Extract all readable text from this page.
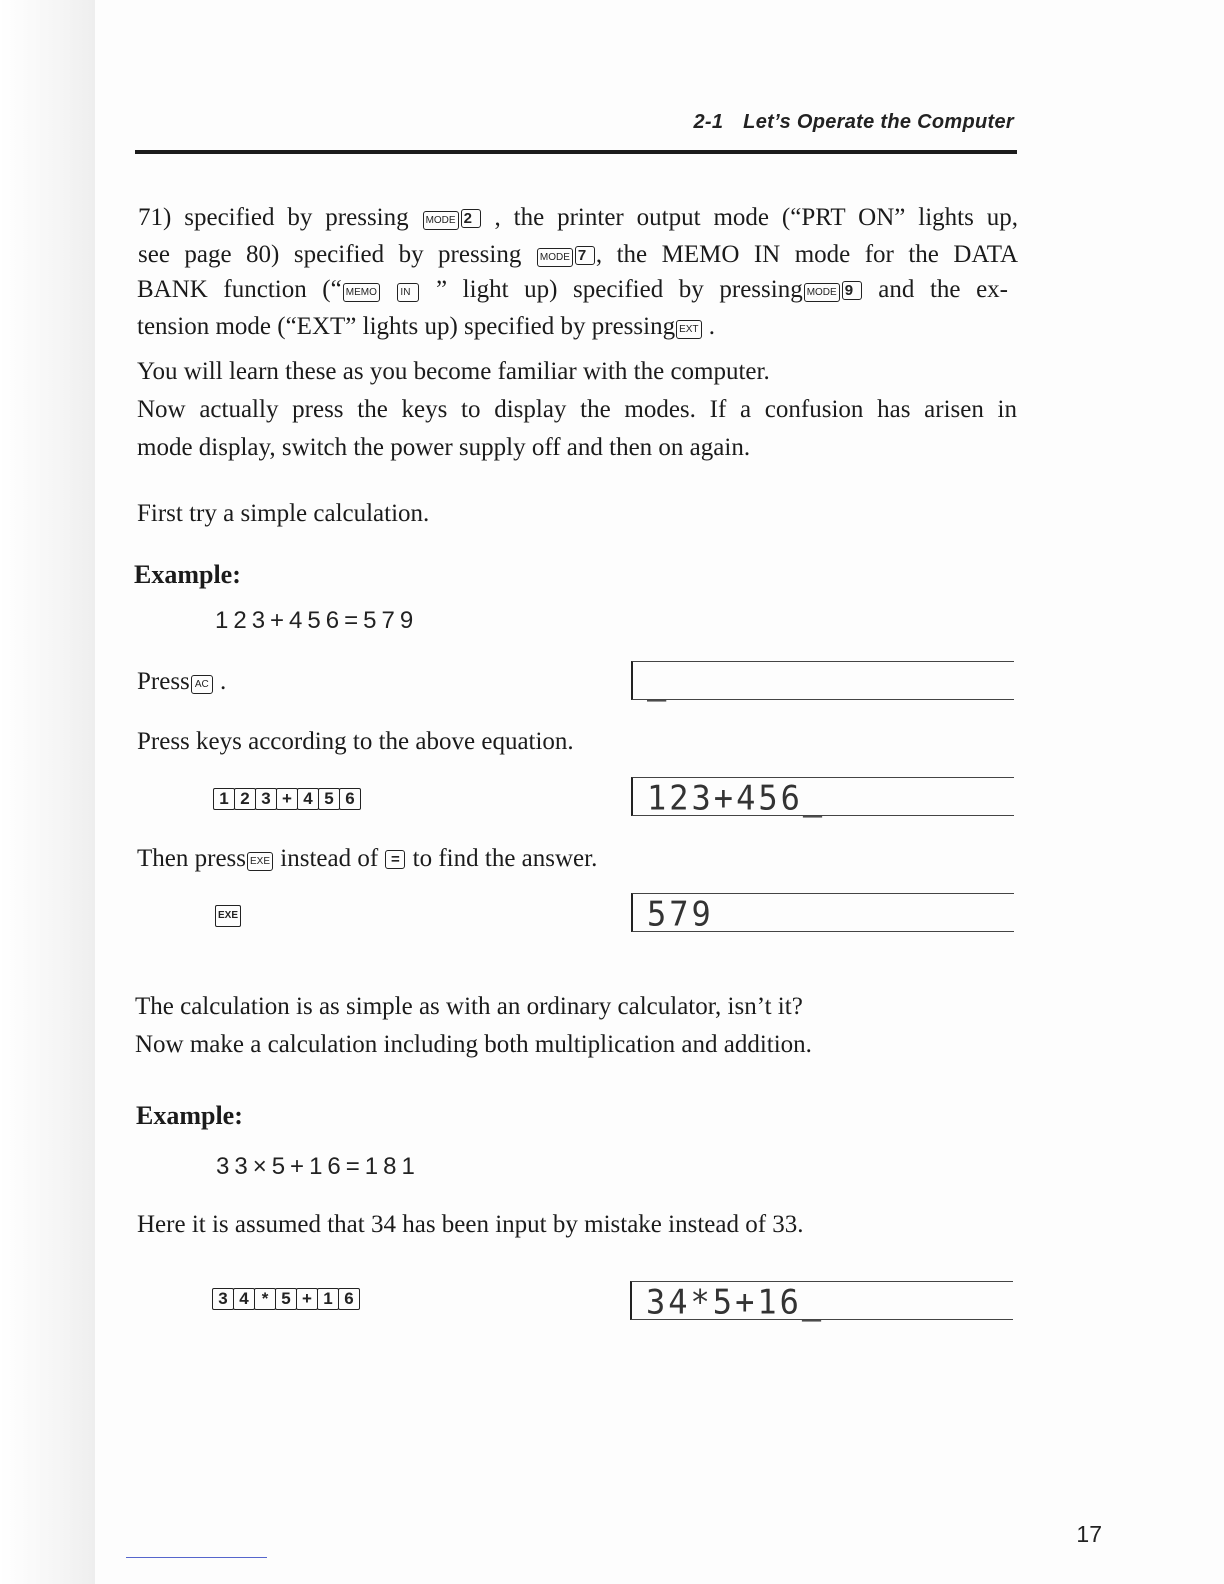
2-1 Let’s Operate the Computer
71) specified by pressing MODE 2 , the printer output mode (“PRT ON” lights up,
see page 80) specified by pressing MODE 7 , the MEMO IN mode for the DATA
BANK function (“ MEMO IN ” light up) specified by pressing MODE 9 and the ex-
tension mode (“EXT” lights up) specified by pressing EXT .
You will learn these as you become familiar with the computer.
Now actually press the keys to display the modes. If a confusion has arisen in
mode display, switch the power supply off and then on again.
First try a simple calculation.
Example:
123+456=579
Press AC .	_
Press keys according to the above equation.
1 2 3 + 4 5 6	123+456_
Then press EXE instead of = to find the answer.
EXE	579
The calculation is as simple as with an ordinary calculator, isn’t it?
Now make a calculation including both multiplication and addition.
Example:
33×5+16=181
Here it is assumed that 34 has been input by mistake instead of 33.
3 4 * 5 + 1 6	34*5+16_
17
